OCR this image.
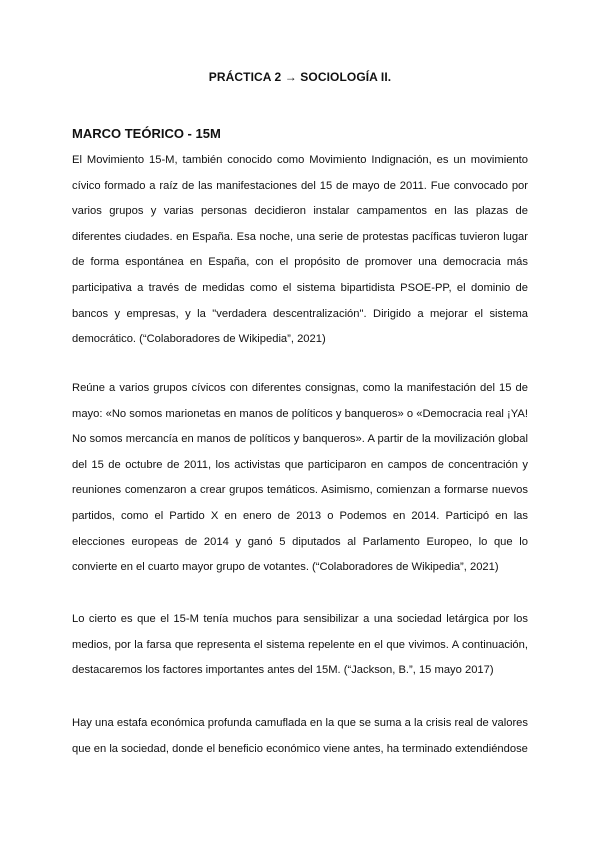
PRÁCTICA 2 → SOCIOLOGÍA II.
MARCO TEÓRICO - 15M

El Movimiento 15-M, también conocido como Movimiento Indignación, es un movimiento cívico formado a raíz de las manifestaciones del 15 de mayo de 2011. Fue convocado por varios grupos y varias personas decidieron instalar campamentos en las plazas de diferentes ciudades. en España. Esa noche, una serie de protestas pacíficas tuvieron lugar de forma espontánea en España, con el propósito de promover una democracia más participativa a través de medidas como el sistema bipartidista PSOE-PP, el dominio de bancos y empresas, y la "verdadera descentralización". Dirigido a mejorar el sistema democrático. (“Colaboradores de Wikipedia”, 2021)

Reúne a varios grupos cívicos con diferentes consignas, como la manifestación del 15 de mayo: «No somos marionetas en manos de políticos y banqueros» o «Democracia real ¡YA! No somos mercancía en manos de políticos y banqueros». A partir de la movilización global del 15 de octubre de 2011, los activistas que participaron en campos de concentración y reuniones comenzaron a crear grupos temáticos. Asimismo, comienzan a formarse nuevos partidos, como el Partido X en enero de 2013 o Podemos en 2014. Participó en las elecciones europeas de 2014 y ganó 5 diputados al Parlamento Europeo, lo que lo convierte en el cuarto mayor grupo de votantes. (“Colaboradores de Wikipedia”, 2021)

Lo cierto es que el 15-M tenía muchos para sensibilizar a una sociedad letárgica por los medios, por la farsa que representa el sistema repelente en el que vivimos. A continuación, destacaremos los factores importantes antes del 15M. (“Jackson, B.”, 15 mayo 2017)

Hay una estafa económica profunda camuflada en la que se suma a la crisis real de valores que en la sociedad, donde el beneficio económico viene antes, ha terminado extendiéndose
